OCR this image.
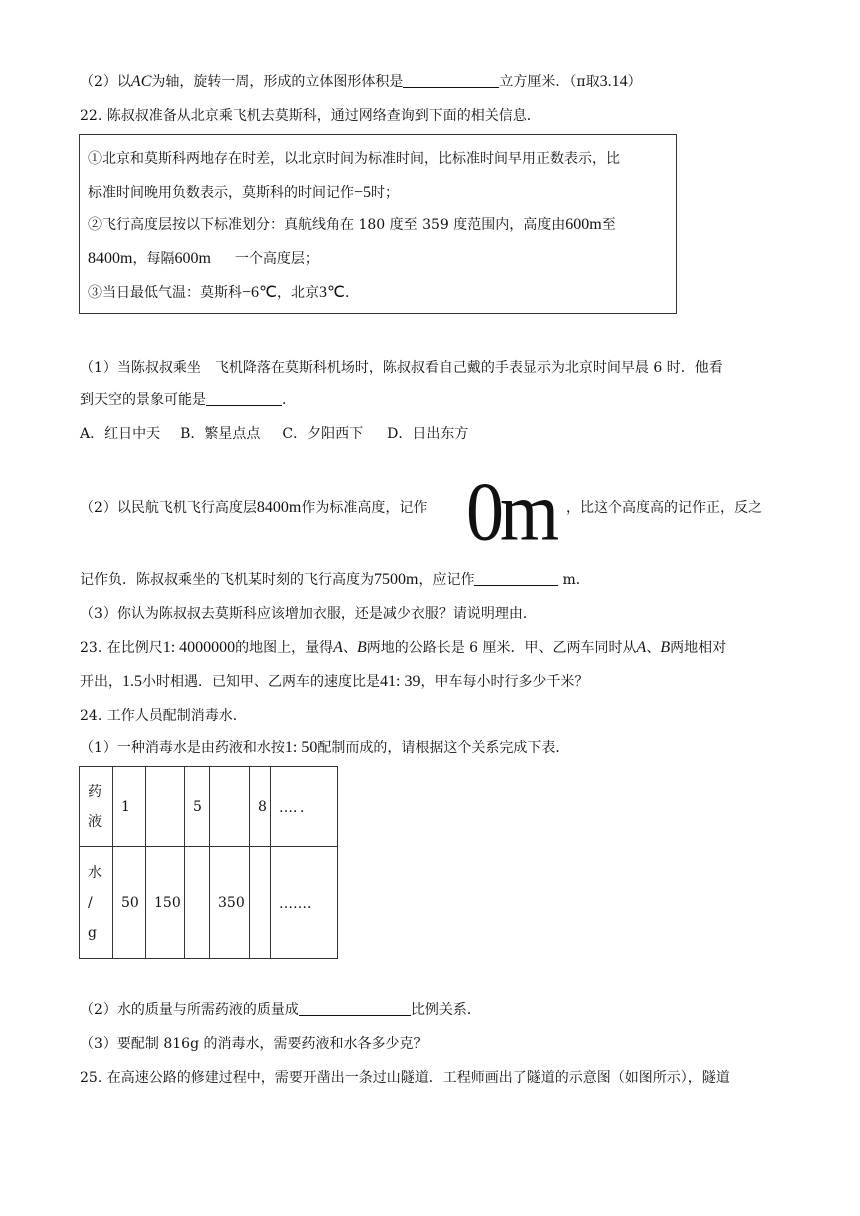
（2）以AC为轴，旋转一周，形成的立体图形体积是	立方厘米．（π取3.14）
22. 陈叔叔准备从北京乘飞机去莫斯科，通过网络查询到下面的相关信息．
①北京和莫斯科两地存在时差，以北京时间为标准时间，比标准时间早用正数表示，比
标准时间晚用负数表示，莫斯科的时间记作−5时；
②飞行高度层按以下标准划分：真航线角在 180 度至 359 度范围内，高度由600m至
8400m，每隔600m 一个高度层；
③当日最低气温：莫斯科−6℃，北京3℃．
（1）当陈叔叔乘坐　飞机降落在莫斯科机场时，陈叔叔看自己戴的手表显示为北京时间早晨 6 时．他看
到天空的景象可能是	．
A．红日中天 B．繁星点点 C．夕阳西下 D．日出东方
（2）以民航飞机飞行高度层8400m作为标准高度，记作 0m ，比这个高度高的记作正，反之
记作负．陈叔叔乘坐的飞机某时刻的飞行高度为7500m，应记作	m．
（3）你认为陈叔叔去莫斯科应该增加衣服，还是减少衣服？请说明理由．
23. 在比例尺1: 4000000的地图上，量得A、B两地的公路长是 6 厘米．甲、乙两车同时从A、B两地相对
开出，1.5小时相遇．已知甲、乙两车的速度比是41: 39，甲车每小时行多少千米？
24. 工作人员配制消毒水．
（1）一种消毒水是由药液和水按1: 50配制而成的，请根据这个关系完成下表．
药
液	1		5		8	…．．

水
/
g	50	150		350		……．
（2）水的质量与所需药液的质量成	比例关系．
（3）要配制 816g 的消毒水，需要药液和水各多少克？
25. 在高速公路的修建过程中，需要开凿出一条过山隧道．工程师画出了隧道的示意图（如图所示），隧道
